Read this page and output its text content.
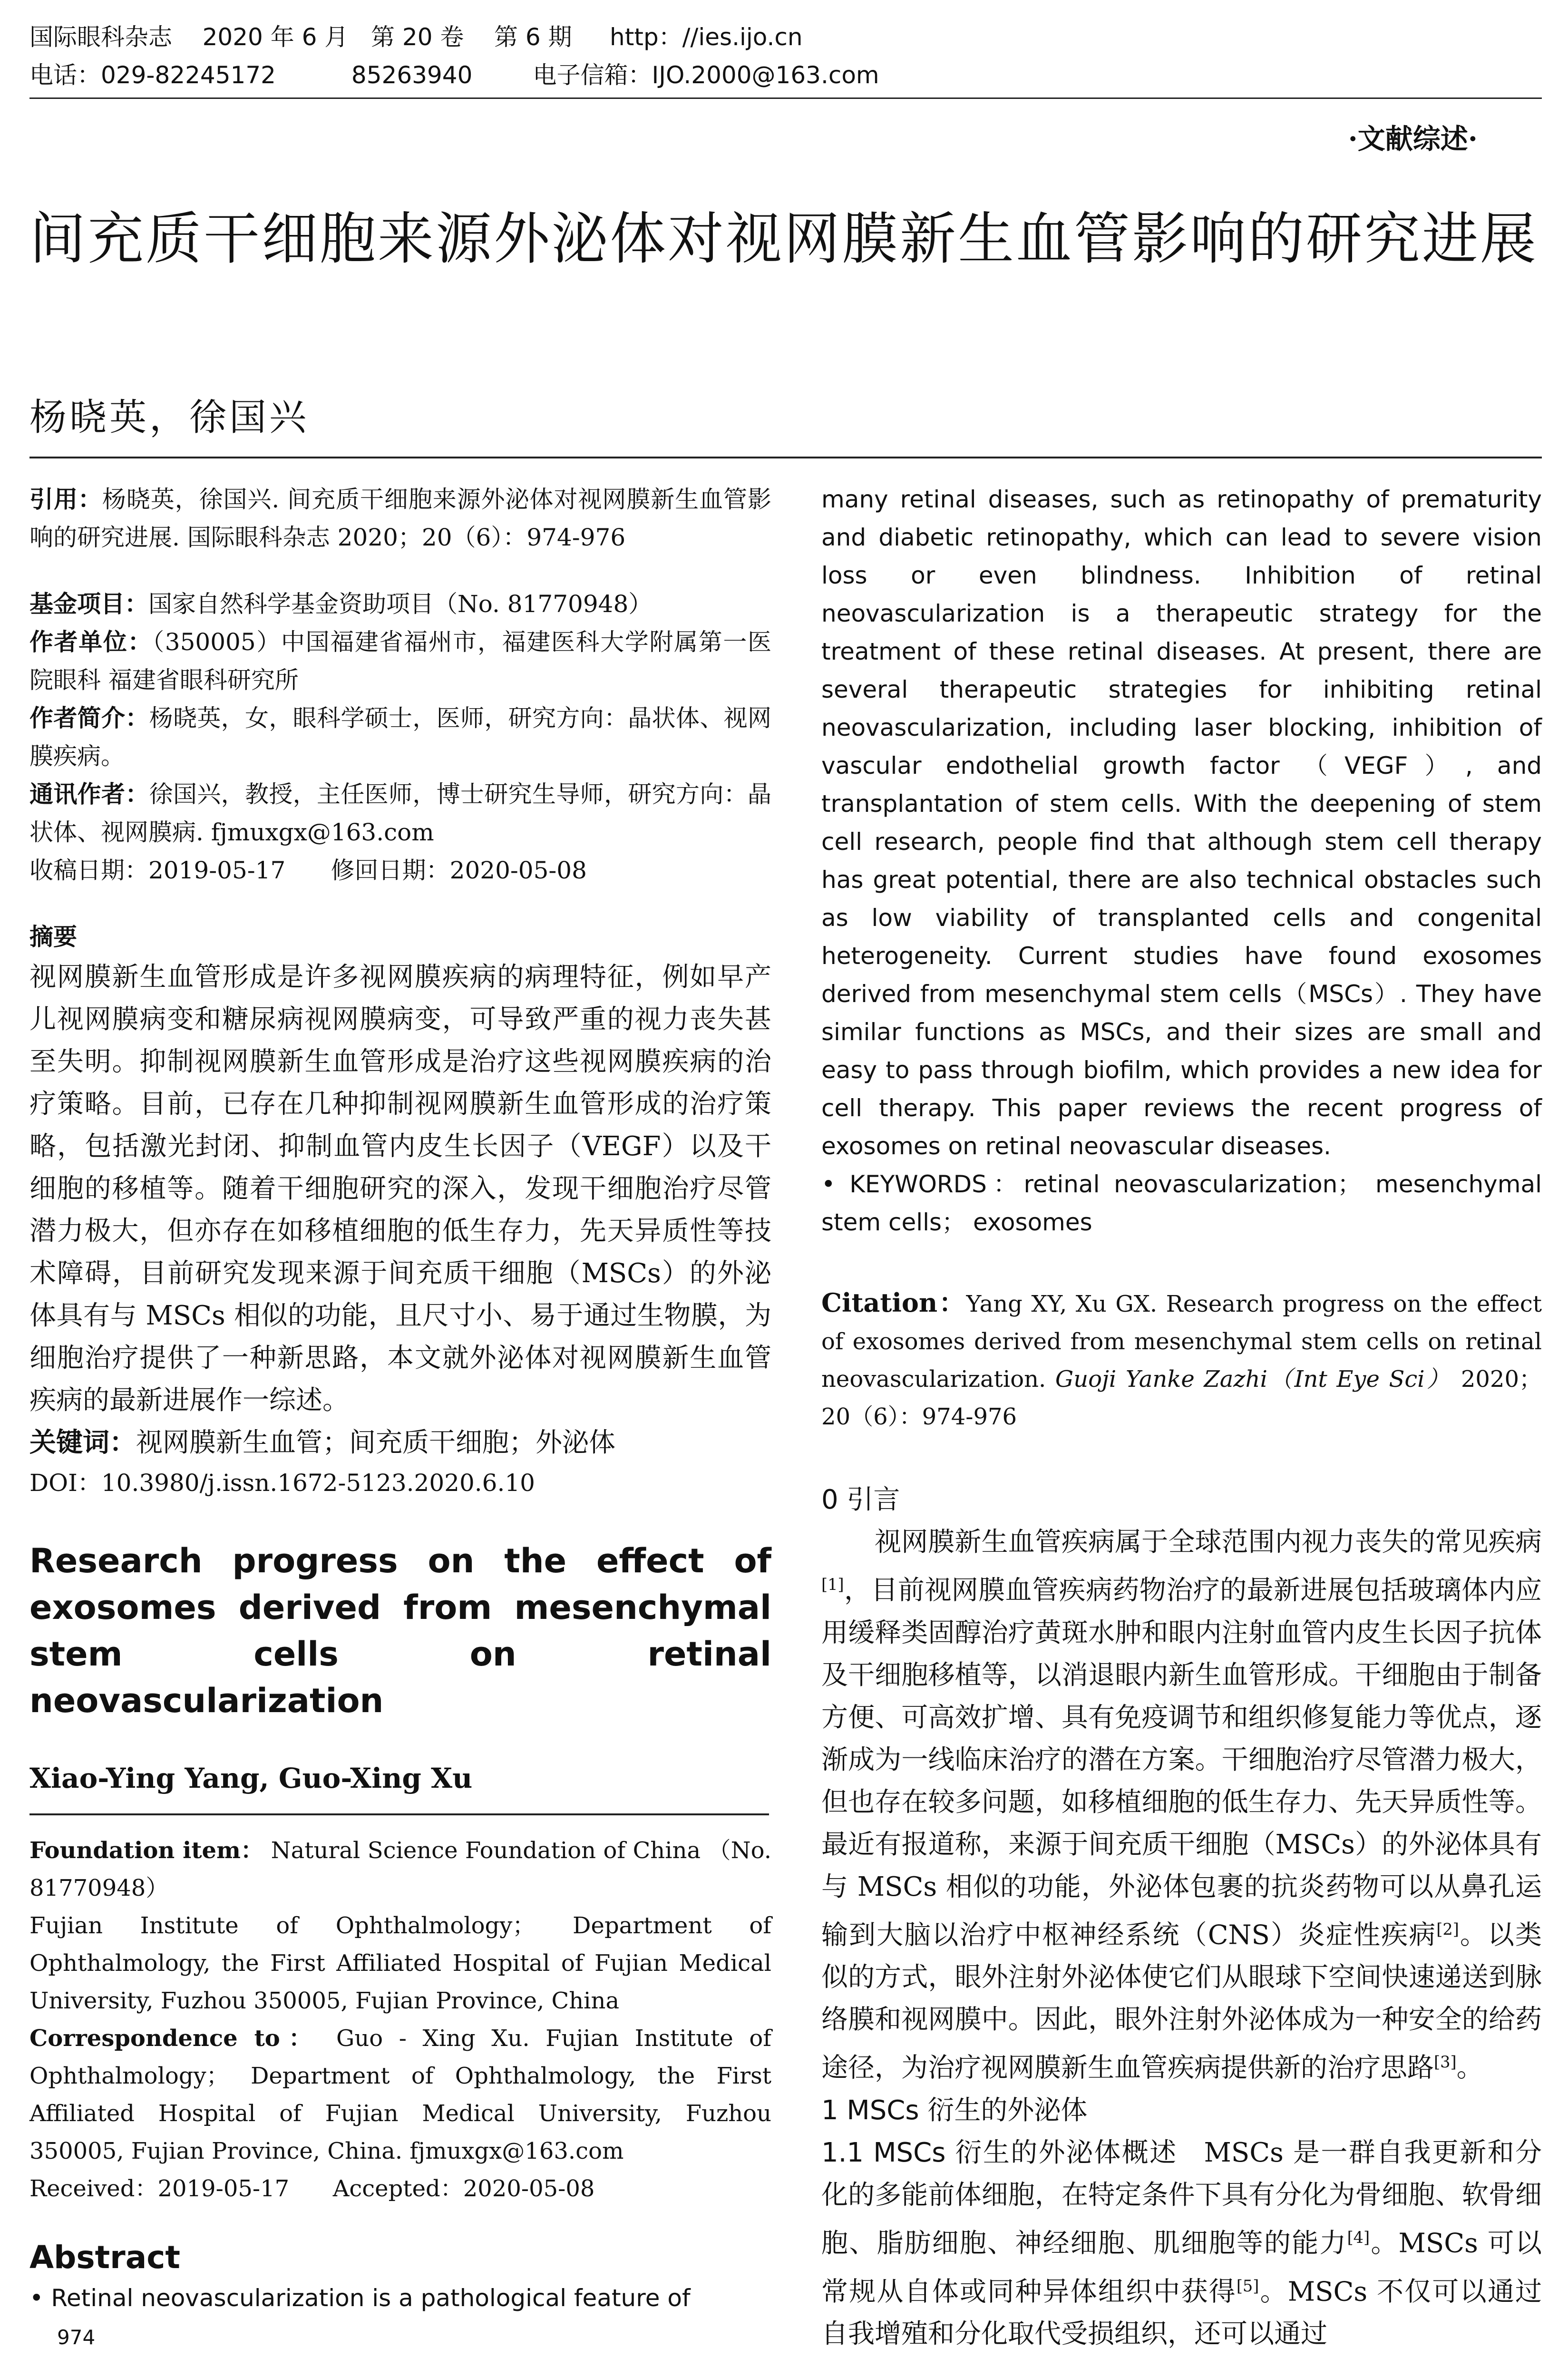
国际眼科杂志    2020 年 6 月   第 20 卷    第 6 期     http：//ies.ijo.cn
电话：029-82245172          85263940        电子信箱：IJO.2000@163.com
·文献综述·
间充质干细胞来源外泌体对视网膜新生血管影响的研究进展
杨晓英，徐国兴

引用：杨晓英，徐国兴. 间充质干细胞来源外泌体对视网膜新生血管影响的研究进展. 国际眼科杂志 2020；20（6）：974-976

基金项目：国家自然科学基金资助项目（No. 81770948）

作者单位：（350005）中国福建省福州市，福建医科大学附属第一医院眼科 福建省眼科研究所

作者简介：杨晓英，女，眼科学硕士，医师，研究方向：晶状体、视网膜疾病。

通讯作者：徐国兴，教授，主任医师，博士研究生导师，研究方向：晶状体、视网膜病. fjmuxgx@163.com

收稿日期：2019-05-17      修回日期：2020-05-08

摘要

视网膜新生血管形成是许多视网膜疾病的病理特征，例如早产儿视网膜病变和糖尿病视网膜病变，可导致严重的视力丧失甚至失明。抑制视网膜新生血管形成是治疗这些视网膜疾病的治疗策略。目前，已存在几种抑制视网膜新生血管形成的治疗策略，包括激光封闭、抑制血管内皮生长因子（VEGF）以及干细胞的移植等。随着干细胞研究的深入，发现干细胞治疗尽管潜力极大，但亦存在如移植细胞的低生存力，先天异质性等技术障碍，目前研究发现来源于间充质干细胞（MSCs）的外泌体具有与 MSCs 相似的功能，且尺寸小、易于通过生物膜，为细胞治疗提供了一种新思路，本文就外泌体对视网膜新生血管疾病的最新进展作一综述。

关键词：视网膜新生血管；间充质干细胞；外泌体

DOI：10.3980/j.issn.1672-5123.2020.6.10

Research progress on the effect of exosomes derived from mesenchymal stem cells on retinal neovascularization

Xiao-Ying Yang, Guo-Xing Xu

Foundation item： Natural Science Foundation of China （No. 81770948）

Fujian Institute of Ophthalmology； Department of Ophthalmology, the First Affiliated Hospital of Fujian Medical University, Fuzhou 350005, Fujian Province, China

Correspondence to： Guo - Xing Xu. Fujian Institute of Ophthalmology； Department of Ophthalmology, the First Affiliated Hospital of Fujian Medical University, Fuzhou 350005, Fujian Province, China. fjmuxgx@163.com

Received：2019-05-17      Accepted：2020-05-08

Abstract

• Retinal neovascularization is a pathological feature of

many retinal diseases, such as retinopathy of prematurity and diabetic retinopathy, which can lead to severe vision loss or even blindness. Inhibition of retinal neovascularization is a therapeutic strategy for the treatment of these retinal diseases. At present, there are several therapeutic strategies for inhibiting retinal neovascularization, including laser blocking, inhibition of vascular endothelial growth factor （VEGF）, and transplantation of stem cells. With the deepening of stem cell research, people find that although stem cell therapy has great potential, there are also technical obstacles such as low viability of transplanted cells and congenital heterogeneity. Current studies have found exosomes derived from mesenchymal stem cells（MSCs）. They have similar functions as MSCs, and their sizes are small and easy to pass through biofilm, which provides a new idea for cell therapy. This paper reviews the recent progress of exosomes on retinal neovascular diseases.

• KEYWORDS：retinal neovascularization； mesenchymal stem cells； exosomes

Citation：Yang XY, Xu GX. Research progress on the effect of exosomes derived from mesenchymal stem cells on retinal neovascularization. Guoji Yanke Zazhi（Int Eye Sci） 2020；20（6）：974-976

0 引言

视网膜新生血管疾病属于全球范围内视力丧失的常见疾病[1]，目前视网膜血管疾病药物治疗的最新进展包括玻璃体内应用缓释类固醇治疗黄斑水肿和眼内注射血管内皮生长因子抗体及干细胞移植等，以消退眼内新生血管形成。干细胞由于制备方便、可高效扩增、具有免疫调节和组织修复能力等优点，逐渐成为一线临床治疗的潜在方案。干细胞治疗尽管潜力极大，但也存在较多问题，如移植细胞的低生存力、先天异质性等。最近有报道称，来源于间充质干细胞（MSCs）的外泌体具有与 MSCs 相似的功能，外泌体包裹的抗炎药物可以从鼻孔运输到大脑以治疗中枢神经系统（CNS）炎症性疾病[2]。以类似的方式，眼外注射外泌体使它们从眼球下空间快速递送到脉络膜和视网膜中。因此，眼外注射外泌体成为一种安全的给药途径，为治疗视网膜新生血管疾病提供新的治疗思路[3]。

1 MSCs 衍生的外泌体

1.1 MSCs 衍生的外泌体概述  MSCs 是一群自我更新和分化的多能前体细胞，在特定条件下具有分化为骨细胞、软骨细胞、脂肪细胞、神经细胞、肌细胞等的能力[4]。MSCs 可以常规从自体或同种异体组织中获得[5]。MSCs 不仅可以通过自我增殖和分化取代受损组织，还可以通过

974
